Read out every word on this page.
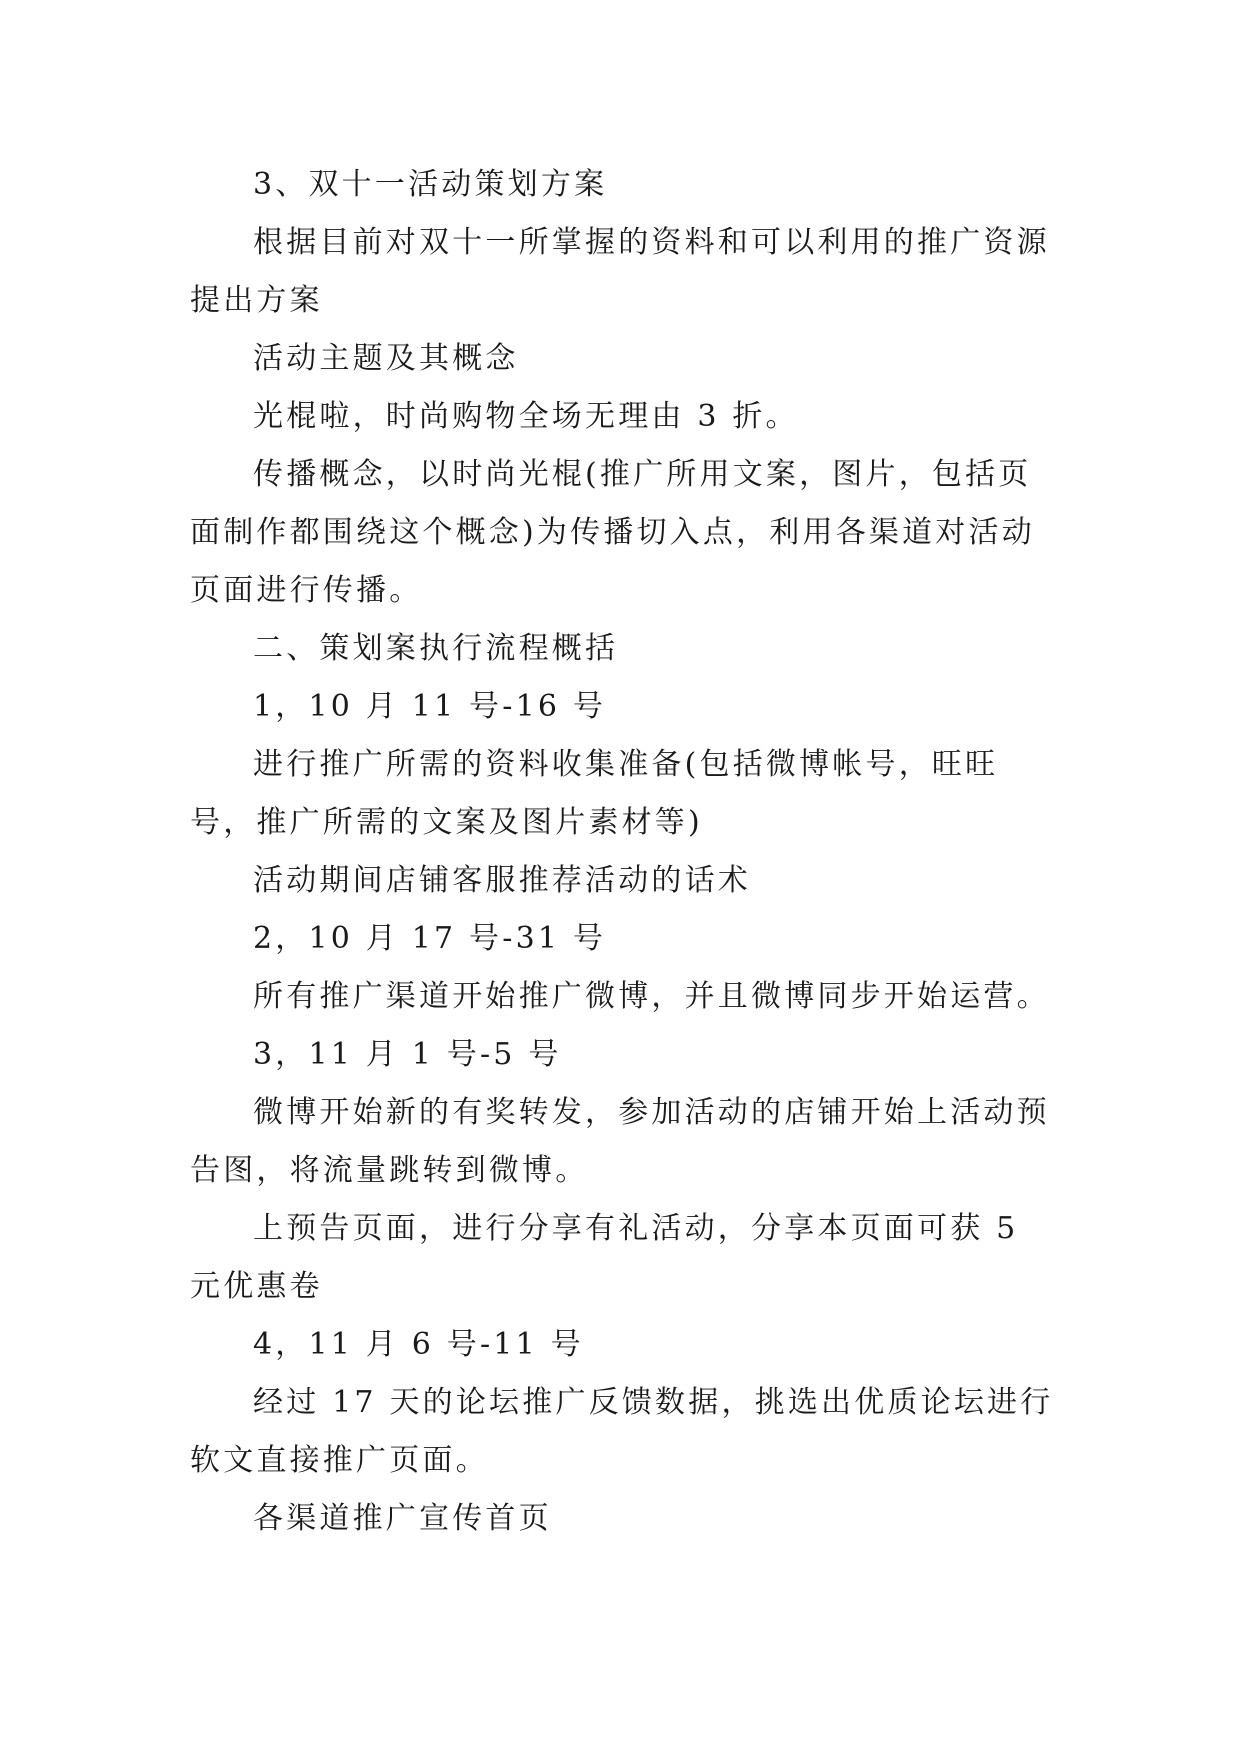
3、双十一活动策划方案

根据目前对双十一所掌握的资料和可以利用的推广资源提出方案

活动主题及其概念

光棍啦，时尚购物全场无理由 3 折。

传播概念，以时尚光棍(推广所用文案，图片，包括页面制作都围绕这个概念)为传播切入点，利用各渠道对活动页面进行传播。

二、策划案执行流程概括

1，10 月 11 号-16 号

进行推广所需的资料收集准备(包括微博帐号，旺旺号，推广所需的文案及图片素材等)

活动期间店铺客服推荐活动的话术

2，10 月 17 号-31 号

所有推广渠道开始推广微博，并且微博同步开始运营。

3，11 月 1 号-5 号

微博开始新的有奖转发，参加活动的店铺开始上活动预告图，将流量跳转到微博。

上预告页面，进行分享有礼活动，分享本页面可获 5 元优惠卷

4，11 月 6 号-11 号

经过 17 天的论坛推广反馈数据，挑选出优质论坛进行软文直接推广页面。

各渠道推广宣传首页
